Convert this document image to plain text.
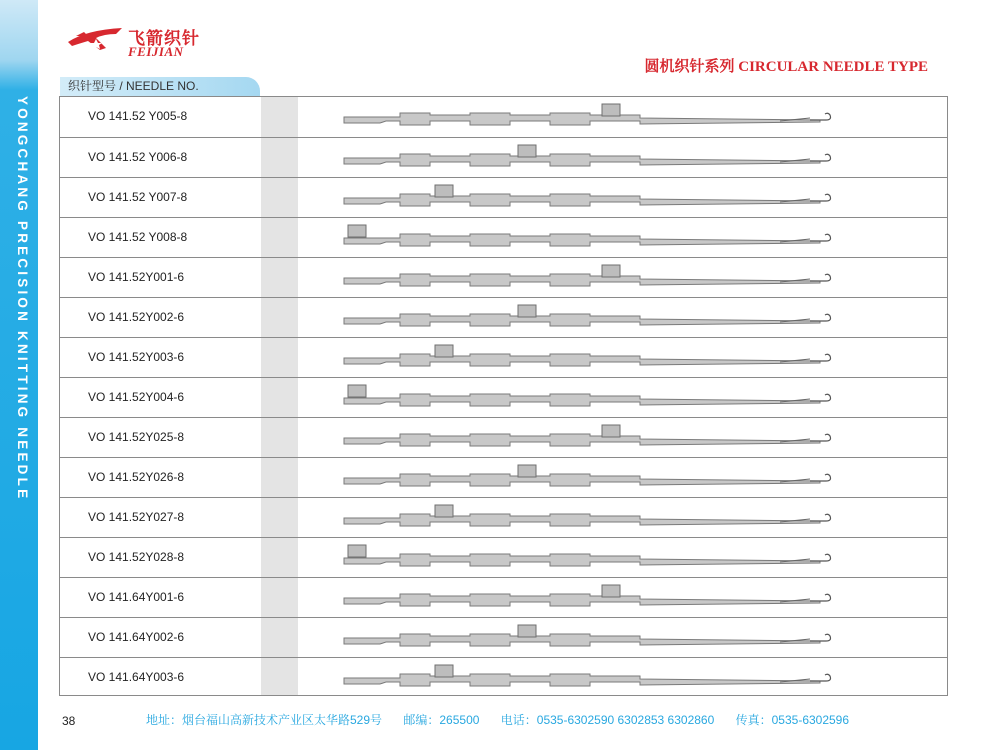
YONGCHANG PRECISION KNITTING NEEDLE
飞箭织针
FEIJIAN
圆机织针系列 CIRCULAR NEEDLE TYPE
织针型号 / NEEDLE NO.
VO 141.52 Y005-8
VO 141.52 Y006-8
VO 141.52 Y007-8
VO 141.52 Y008-8
VO 141.52Y001-6
VO 141.52Y002-6
VO 141.52Y003-6
VO 141.52Y004-6
VO 141.52Y025-8
VO 141.52Y026-8
VO 141.52Y027-8
VO 141.52Y028-8
VO 141.64Y001-6
VO 141.64Y002-6
VO 141.64Y003-6
38	地址：烟台福山高新技术产业区太华路529号 邮编：265500 电话：0535-6302590 6302853 6302860 传真：0535-6302596
